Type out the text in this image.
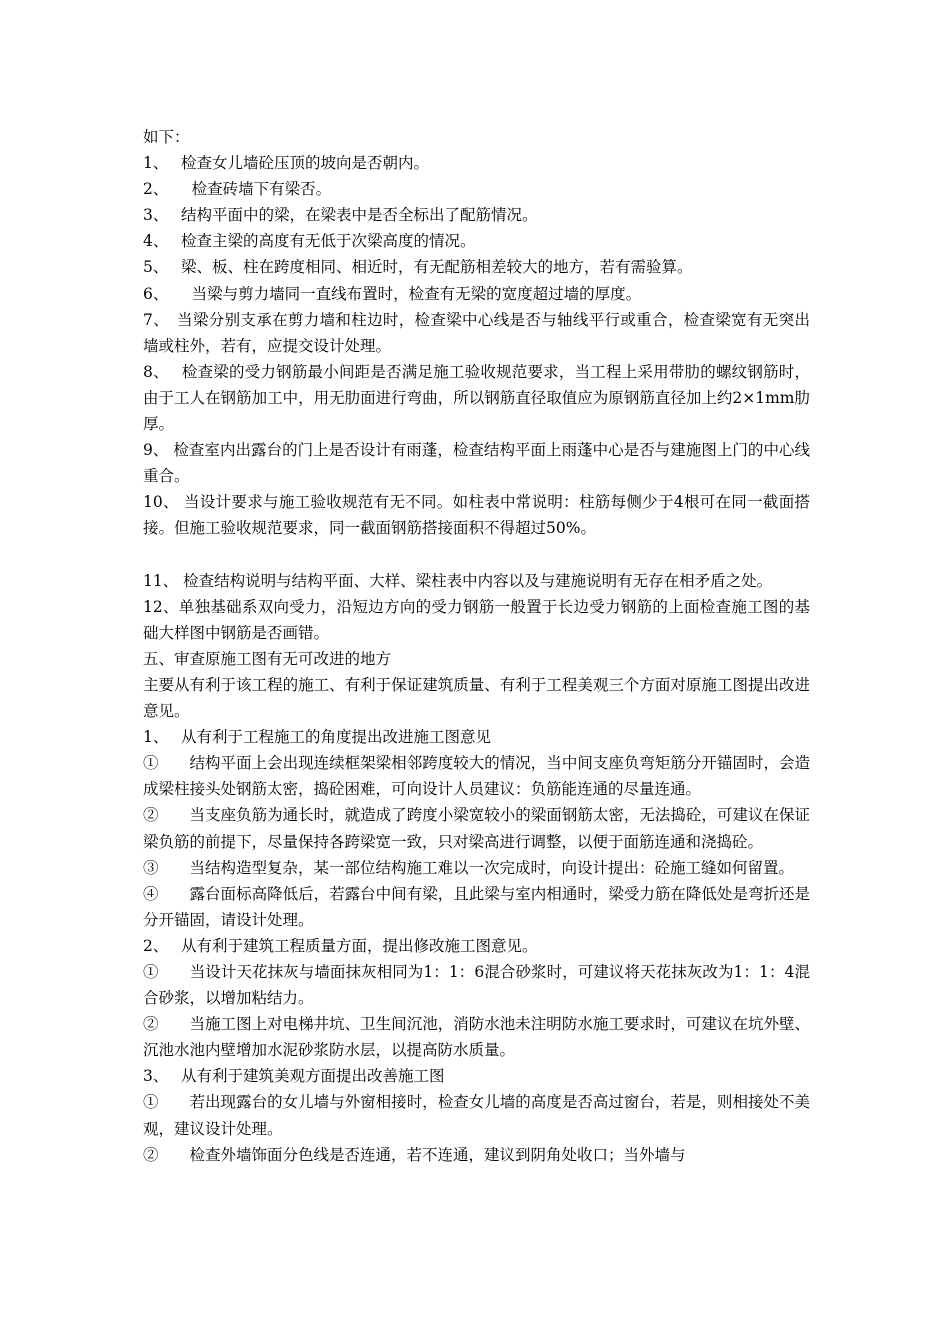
如下：
1、　 检查女儿墙砼压顶的坡向是否朝内。
2、　　检查砖墙下有梁否。
3、　 结构平面中的梁，在梁表中是否全标出了配筋情况。
4、　 检查主梁的高度有无低于次梁高度的情况。
5、　 梁、板、柱在跨度相同、相近时，有无配筋相差较大的地方，若有需验算。
6、　　当梁与剪力墙同一直线布置时，检查有无梁的宽度超过墙的厚度。
7、　当梁分别支承在剪力墙和柱边时，检查梁中心线是否与轴线平行或重合，检查梁宽有无突出墙或柱外，若有，应提交设计处理。
8、　 检查梁的受力钢筋最小间距是否满足施工验收规范要求，当工程上采用带肋的螺纹钢筋时，由于工人在钢筋加工中，用无肋面进行弯曲，所以钢筋直径取值应为原钢筋直径加上约2×1mm肋厚。
9、 检查室内出露台的门上是否设计有雨蓬，检查结构平面上雨蓬中心是否与建施图上门的中心线重合。
10、 当设计要求与施工验收规范有无不同。如柱表中常说明：柱筋每侧少于4根可在同一截面搭接。但施工验收规范要求，同一截面钢筋搭接面积不得超过50%。
11、 检查结构说明与结构平面、大样、梁柱表中内容以及与建施说明有无存在相矛盾之处。
12、单独基础系双向受力，沿短边方向的受力钢筋一般置于长边受力钢筋的上面检查施工图的基础大样图中钢筋是否画错。
五、审查原施工图有无可改进的地方
主要从有利于该工程的施工、有利于保证建筑质量、有利于工程美观三个方面对原施工图提出改进意见。
1、　 从有利于工程施工的角度提出改进施工图意见
①　　结构平面上会出现连续框架梁相邻跨度较大的情况，当中间支座负弯矩筋分开锚固时，会造成梁柱接头处钢筋太密，捣砼困难，可向设计人员建议：负筋能连通的尽量连通。
②　　当支座负筋为通长时，就造成了跨度小梁宽较小的梁面钢筋太密，无法捣砼，可建议在保证梁负筋的前提下，尽量保持各跨梁宽一致，只对梁高进行调整，以便于面筋连通和浇捣砼。
③　　当结构造型复杂，某一部位结构施工难以一次完成时，向设计提出：砼施工缝如何留置。
④　　露台面标高降低后，若露台中间有梁，且此梁与室内相通时，梁受力筋在降低处是弯折还是分开锚固，请设计处理。
2、　 从有利于建筑工程质量方面，提出修改施工图意见。
①　　当设计天花抹灰与墙面抹灰相同为1：1：6混合砂浆时，可建议将天花抹灰改为1：1：4混合砂浆，以增加粘结力。
②　　当施工图上对电梯井坑、卫生间沉池，消防水池未注明防水施工要求时，可建议在坑外壁、沉池水池内壁增加水泥砂浆防水层，以提高防水质量。
3、　 从有利于建筑美观方面提出改善施工图
①　　若出现露台的女儿墙与外窗相接时，检查女儿墙的高度是否高过窗台，若是，则相接处不美观，建议设计处理。
②　　检查外墙饰面分色线是否连通，若不连通，建议到阴角处收口；当外墙与
